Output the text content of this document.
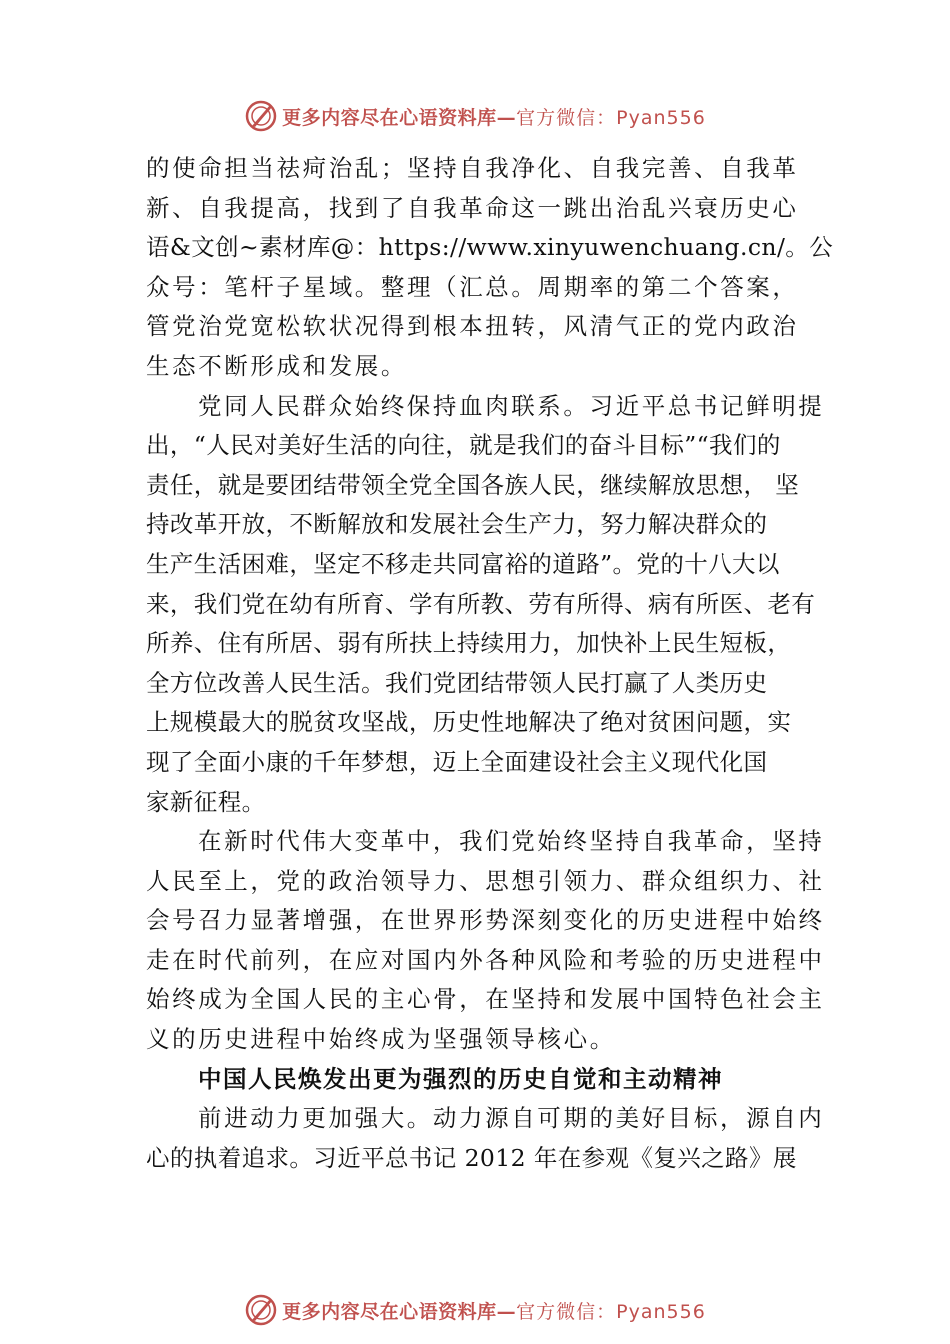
更多内容尽在心语资料库— 官方微信：Pyan556
的使命担当祛疴治乱；坚持自我净化、自我完善、自我革
新、自我提高，找到了自我革命这一跳出治乱兴衰历史心
语&文创~素材库@：https://www.xinyuwenchuang.cn/。公
众号：笔杆子星域。整理（汇总。周期率的第二个答案，
管党治党宽松软状况得到根本扭转，风清气正的党内政治
生态不断形成和发展。
党同人民群众始终保持血肉联系。习近平总书记鲜明提
出，“人民对美好生活的向往，就是我们的奋斗目标”“我们的
责任，就是要团结带领全党全国各族人民，继续解放思想， 坚
持改革开放，不断解放和发展社会生产力，努力解决群众的
生产生活困难，坚定不移走共同富裕的道路”。党的十八大以
来，我们党在幼有所育、学有所教、劳有所得、病有所医、老有
所养、住有所居、弱有所扶上持续用力，加快补上民生短板，
全方位改善人民生活。我们党团结带领人民打赢了人类历史
上规模最大的脱贫攻坚战，历史性地解决了绝对贫困问题，实
现了全面小康的千年梦想，迈上全面建设社会主义现代化国
家新征程。
在新时代伟大变革中，我们党始终坚持自我革命，坚持
人民至上，党的政治领导力、思想引领力、群众组织力、社
会号召力显著增强，在世界形势深刻变化的历史进程中始终
走在时代前列，在应对国内外各种风险和考验的历史进程中
始终成为全国人民的主心骨，在坚持和发展中国特色社会主
义的历史进程中始终成为坚强领导核心。
中国人民焕发出更为强烈的历史自觉和主动精神
前进动力更加强大。动力源自可期的美好目标，源自内
心的执着追求。习近平总书记 2012 年在参观《复兴之路》展
更多内容尽在心语资料库— 官方微信：Pyan556
